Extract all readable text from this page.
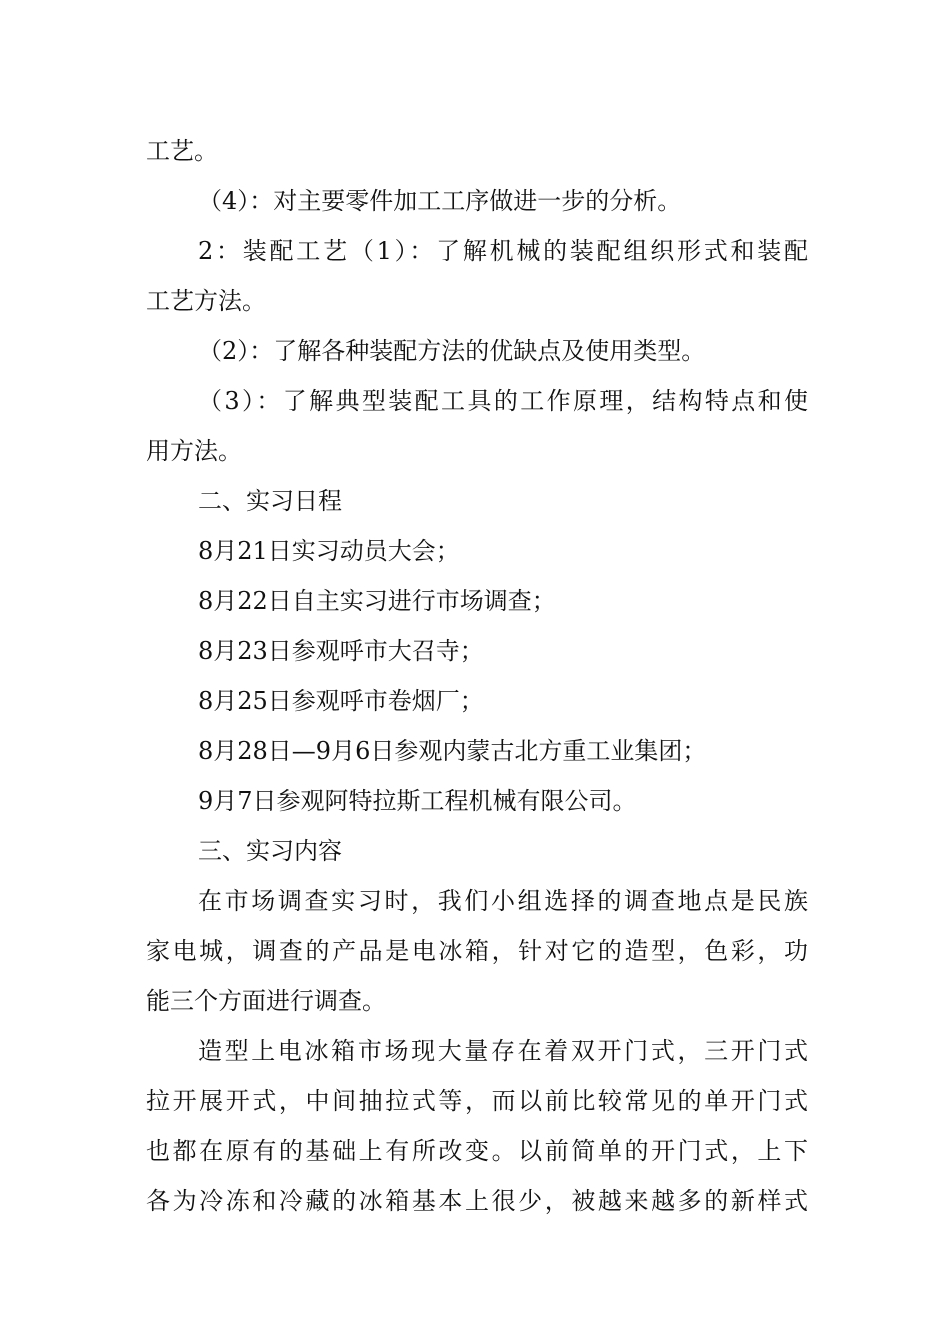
工艺。
（4）：对主要零件加工工序做进一步的分析。
2：装配工艺（1）：了解机械的装配组织形式和装配
工艺方法。
（2）：了解各种装配方法的优缺点及使用类型。
（3）：了解典型装配工具的工作原理，结构特点和使
用方法。
二、实习日程
8月21日实习动员大会；
8月22日自主实习进行市场调查；
8月23日参观呼市大召寺；
8月25日参观呼市卷烟厂；
8月28日—9月6日参观内蒙古北方重工业集团；
9月7日参观阿特拉斯工程机械有限公司。
三、实习内容
在市场调查实习时，我们小组选择的调查地点是民族
家电城，调查的产品是电冰箱，针对它的造型，色彩，功
能三个方面进行调查。
造型上电冰箱市场现大量存在着双开门式，三开门式
拉开展开式，中间抽拉式等，而以前比较常见的单开门式
也都在原有的基础上有所改变。以前简单的开门式，上下
各为冷冻和冷藏的冰箱基本上很少，被越来越多的新样式
